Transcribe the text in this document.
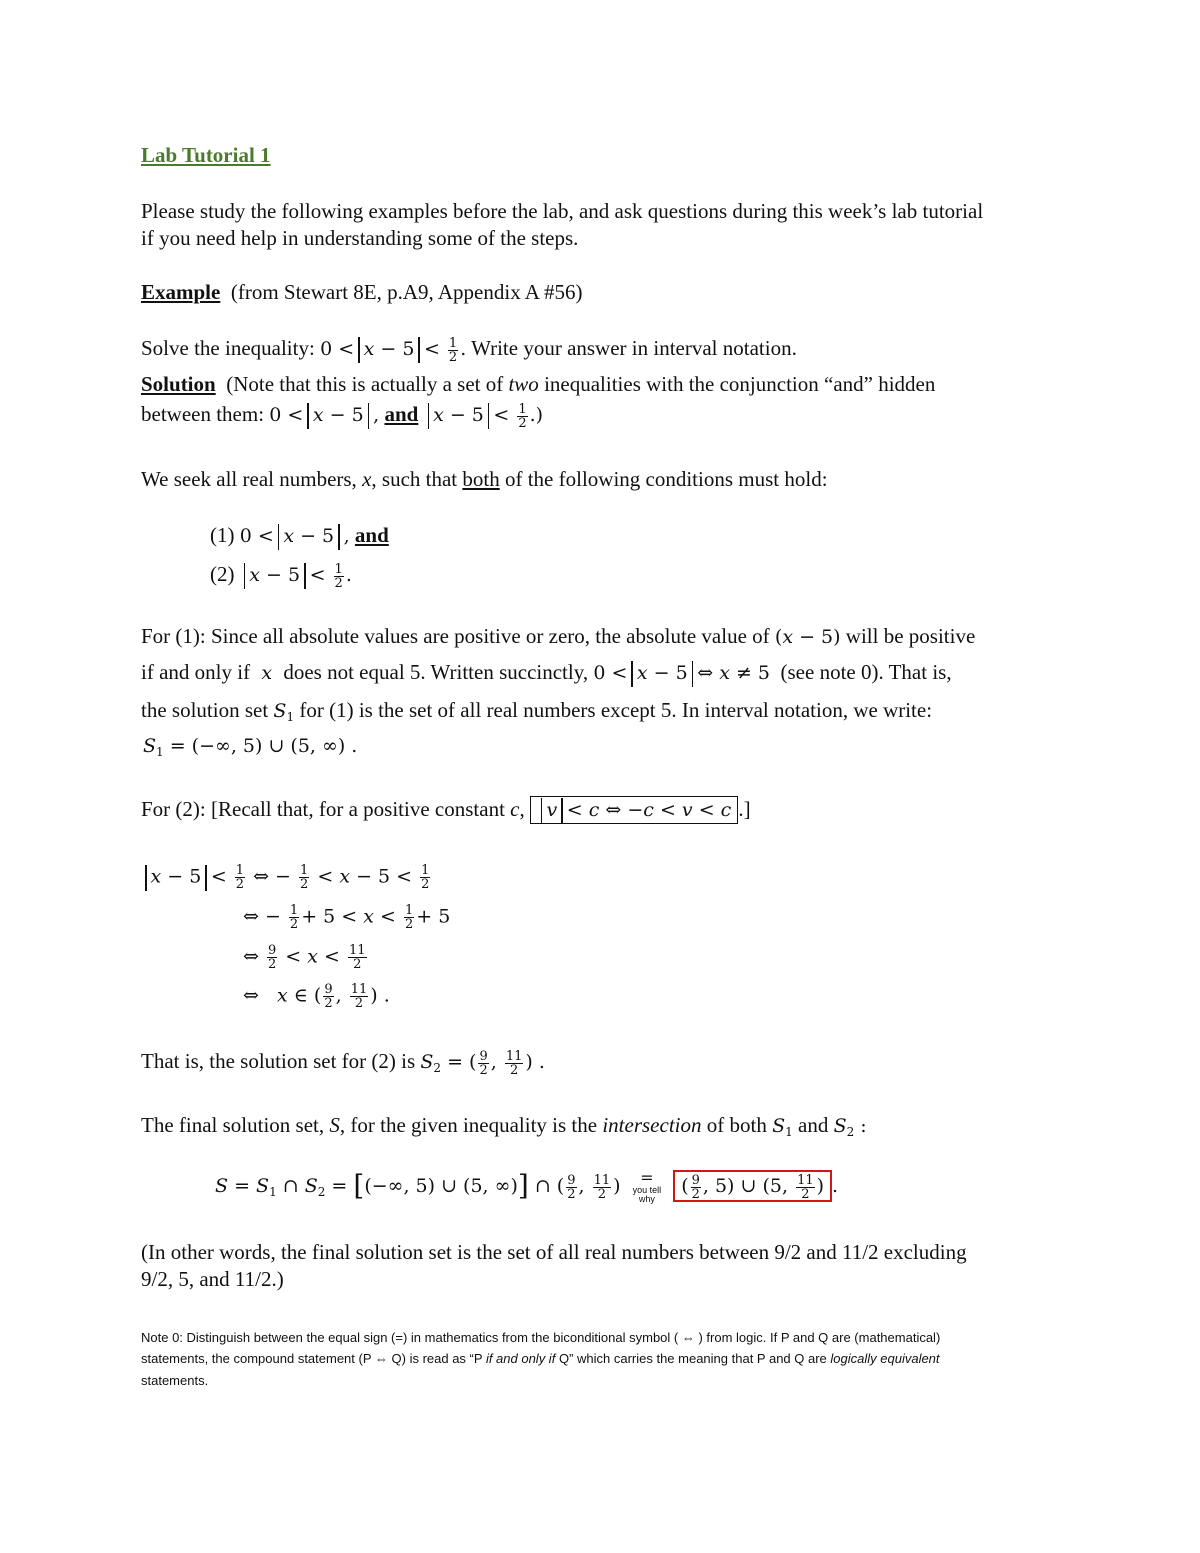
Lab Tutorial 1
Please study the following examples before the lab, and ask questions during this week’s lab tutorial
if you need help in understanding some of the steps.
Example (from Stewart 8E, p.A9, Appendix A #56)
Solve the inequality: $0 < x - 5 < \frac{1}{2}$ . Write your answer in interval notation.
Solution (Note that this is actually a set of two inequalities with the conjunction “and” hidden
between them: 0 < x − 5 , and $x - 5 < \frac{1}{2}$ .)
We seek all real numbers, x, such that both of the following conditions must hold:
(1) 0 < x − 5 , and
(2) $x - 5 < \frac{1}{2}$ .
For (1): Since all absolute values are positive or zero, the absolute value of (x − 5) will be positive
if and only if  x  does not equal 5. Written succinctly, 0 < x − 5 ⇔ x ≠ 5 (see note 0). That is,
the solution set $S_1$ for (1) is the set of all real numbers except 5. In interval notation, we write:
$S_1$ = (−∞, 5) ∪ (5, ∞) .
For (2): [Recall that, for a positive constant c, v < c ⇔ −c < v < c .]
$x - 5 < \frac{1}{2}$ ⇔ − $\frac{1}{2} < x - 5 < \frac{1}{2}$
⇔ − $\frac{1}{2} + 5 < x < \frac{1}{2} + 5$
⇔ $\frac{9}{2} < x < \frac{11}{2}$
⇔   x ∈ ( $\frac{9}{2}$ , $\frac{11}{2}$ ) .
That is, the solution set for (2) is $S_2$ = ( $\frac{9}{2}$ , $\frac{11}{2}$ ) .
The final solution set, S, for the given inequality is the intersection of both $S_1$ and $S_2$ :
$S = S_1$ ∩ $S_2$ = [(−∞, 5) ∪ (5, ∞)] ∩ ( $\frac{9}{2}$ , $\frac{11}{2}$ ) =
you tell
why ( $\frac{9}{2}$ , 5) ∪ (5, $\frac{11}{2}$ ) .
(In other words, the final solution set is the set of all real numbers between 9/2 and 11/2 excluding
9/2, 5, and 11/2.)
Note 0: Distinguish between the equal sign (=) in mathematics from the biconditional symbol ( ⇔ ) from logic. If P and Q are (mathematical)
statements, the compound statement (P ⇔ Q) is read as “P if and only if Q” which carries the meaning that P and Q are logically equivalent
statements.
